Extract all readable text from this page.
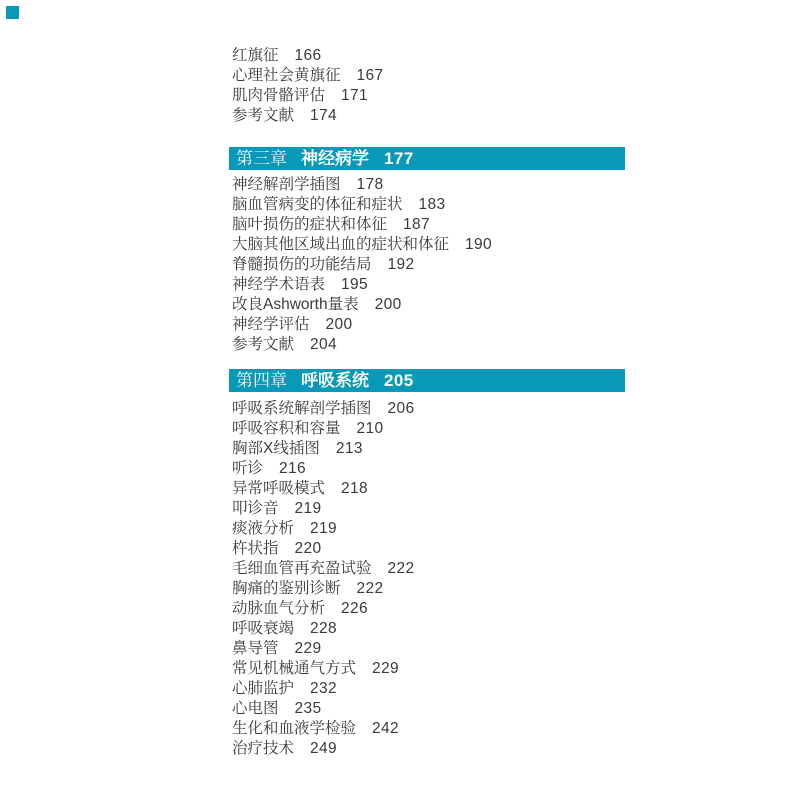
红旗征 166
心理社会黄旗征 167
肌肉骨骼评估 171
参考文献 174
第三章 神经病学 177
神经解剖学插图 178
脑血管病变的体征和症状 183
脑叶损伤的症状和体征 187
大脑其他区域出血的症状和体征 190
脊髓损伤的功能结局 192
神经学术语表 195
改良Ashworth量表 200
神经学评估 200
参考文献 204
第四章 呼吸系统 205
呼吸系统解剖学插图 206
呼吸容积和容量 210
胸部X线插图 213
听诊 216
异常呼吸模式 218
叩诊音 219
痰液分析 219
杵状指 220
毛细血管再充盈试验 222
胸痛的鉴别诊断 222
动脉血气分析 226
呼吸衰竭 228
鼻导管 229
常见机械通气方式 229
心肺监护 232
心电图 235
生化和血液学检验 242
治疗技术 249
